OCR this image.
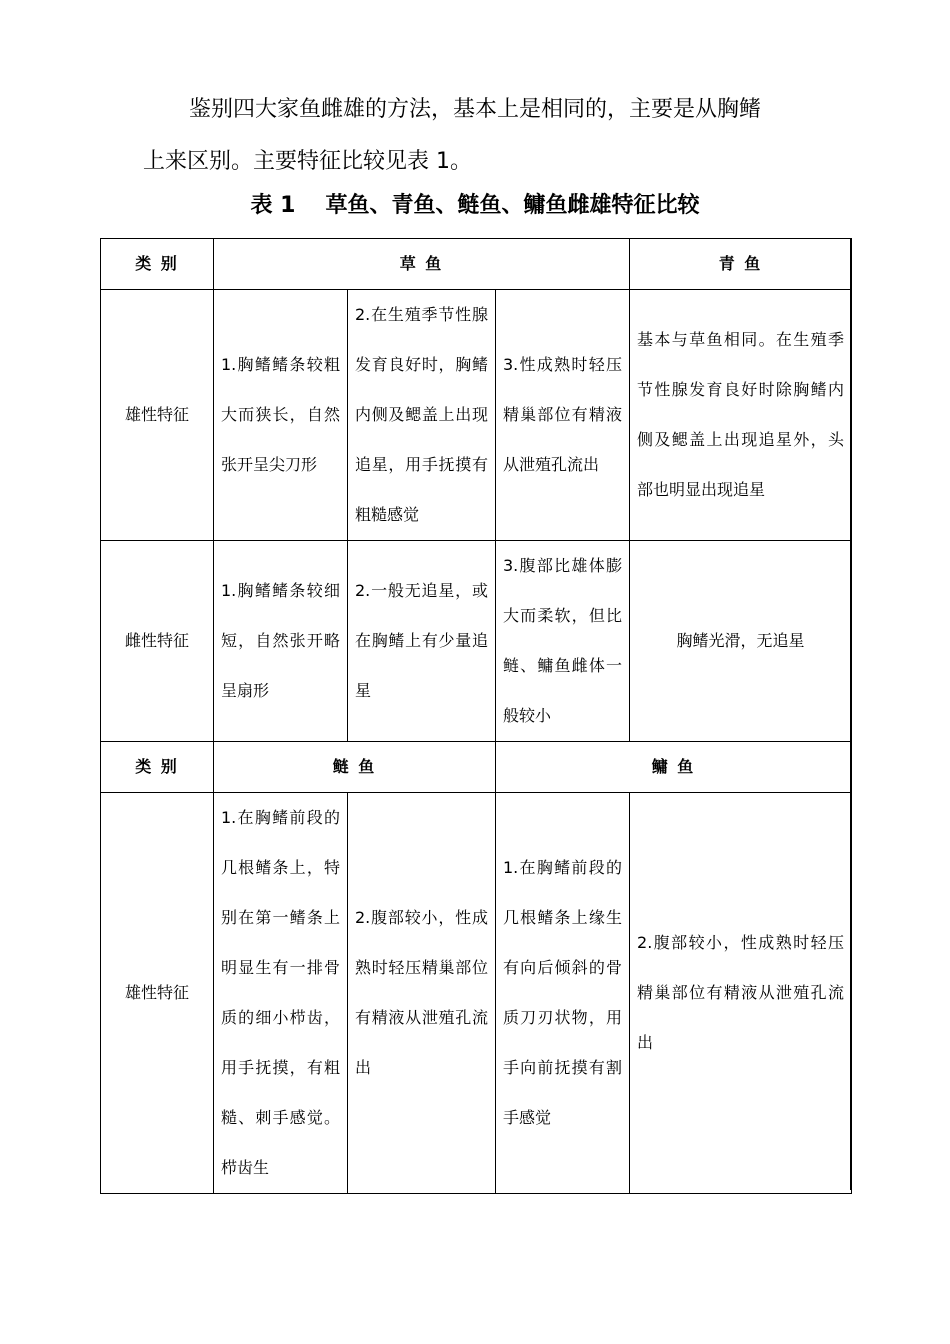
鉴别四大家鱼雌雄的方法，基本上是相同的，主要是从胸鳍
上来区别。主要特征比较见表 1。

表 1 草鱼、青鱼、鲢鱼、鳙鱼雌雄特征比较

类 别	草 鱼			青 鱼
雄性特征	1.胸鳍鳍条较粗大而狭长，自然张开呈尖刀形	2.在生殖季节性腺发育良好时，胸鳍内侧及鳃盖上出现追星，用手抚摸有粗糙感觉	3.性成熟时轻压精巢部位有精液从泄殖孔流出	基本与草鱼相同。在生殖季节性腺发育良好时除胸鳍内侧及鳃盖上出现追星外，头部也明显出现追星
雌性特征	1.胸鳍鳍条较细短，自然张开略呈扇形	2.一般无追星，或在胸鳍上有少量追星	3.腹部比雄体膨大而柔软，但比鲢、鳙鱼雌体一般较小	胸鳍光滑，无追星
类 别	鲢 鱼		鳙 鱼	
雄性特征	1.在胸鳍前段的几根鳍条上，特别在第一鳍条上明显生有一排骨质的细小栉齿，用手抚摸，有粗糙、刺手感觉。栉齿生	2.腹部较小，性成熟时轻压精巢部位有精液从泄殖孔流出	1.在胸鳍前段的几根鳍条上缘生有向后倾斜的骨质刀刃状物，用手向前抚摸有割手感觉	2.腹部较小，性成熟时轻压精巢部位有精液从泄殖孔流出
